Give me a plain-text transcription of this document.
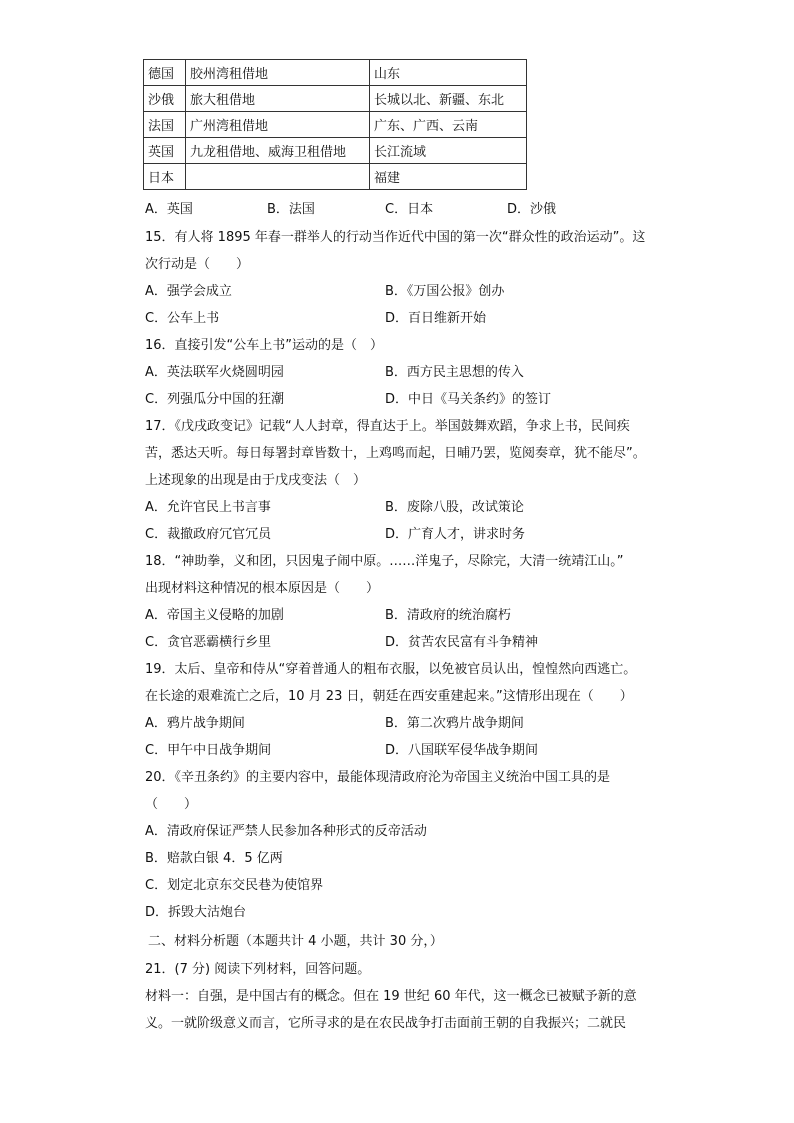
德国	胶州湾租借地	山东
沙俄	旅大租借地	长城以北、新疆、东北
法国	广州湾租借地	广东、广西、云南
英国	九龙租借地、威海卫租借地	长江流域
日本		福建
A．英国	B．法国	C．日本	D．沙俄
15．有人将 1895 年春一群举人的行动当作近代中国的第一次“群众性的政治运动”。这
次行动是（　　）
A．强学会成立	B．《万国公报》创办
C．公车上书	D．百日维新开始
16．直接引发“公车上书”运动的是（　）
A．英法联军火烧圆明园	B．西方民主思想的传入
C．列强瓜分中国的狂潮	D．中日《马关条约》的签订
17．《戊戌政变记》记载“人人封章，得直达于上。举国鼓舞欢蹈，争求上书，民间疾
苦，悉达天听。每日每署封章皆数十，上鸡鸣而起，日晡乃罢，览阅奏章，犹不能尽”。
上述现象的出现是由于戊戌变法（　）
A．允许官民上书言事	B．废除八股，改试策论
C．裁撤政府冗官冗员	D．广育人才，讲求时务
18．“神助拳，义和团，只因鬼子闹中原。……洋鬼子，尽除完，大清一统靖江山。”
出现材料这种情况的根本原因是（　　）
A．帝国主义侵略的加剧	B．清政府的统治腐朽
C．贪官恶霸横行乡里	D．贫苦农民富有斗争精神
19．太后、皇帝和侍从“穿着普通人的粗布衣服，以免被官员认出，惶惶然向西逃亡。
在长途的艰难流亡之后，10 月 23 日，朝廷在西安重建起来。”这情形出现在（　　）
A．鸦片战争期间	B．第二次鸦片战争期间
C．甲午中日战争期间	D．八国联军侵华战争期间
20．《辛丑条约》的主要内容中，最能体现清政府沦为帝国主义统治中国工具的是
（　　）
A．清政府保证严禁人民参加各种形式的反帝活动
B．赔款白银 4．5 亿两
C．划定北京东交民巷为使馆界
D．拆毁大沽炮台
二、材料分析题（本题共计 4 小题，共计 30 分，）
21．(7 分) 阅读下列材料，回答问题。
材料一：自强，是中国古有的概念。但在 19 世纪 60 年代，这一概念已被赋予新的意
义。一就阶级意义而言，它所寻求的是在农民战争打击面前王朝的自我振兴；二就民
